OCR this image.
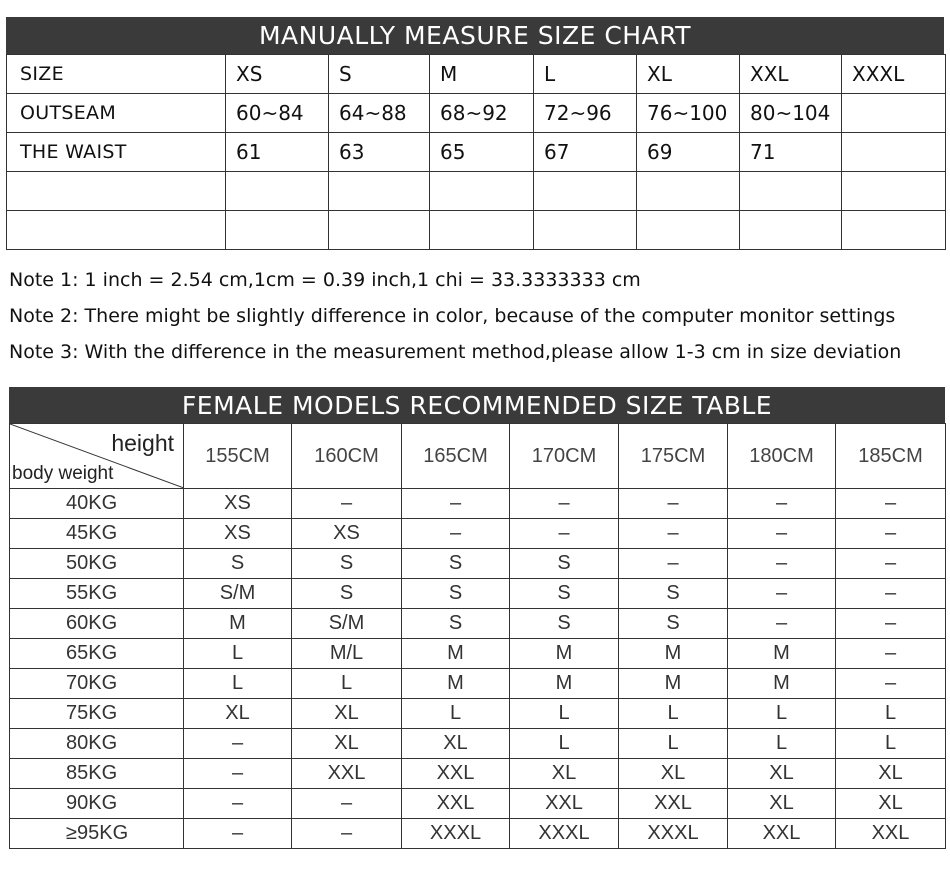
MANUALLY MEASURE SIZE CHART
SIZE	XS	S	M	L	XL	XXL	XXXL
OUTSEAM	60~84	64~88	68~92	72~96	76~100	80~104	
THE WAIST	61	63	65	67	69	71	

Note 1: 1 inch = 2.54 cm,1cm = 0.39 inch,1 chi = 33.3333333 cm
Note 2: There might be slightly difference in color, because of the computer monitor settings
Note 3: With the difference in the measurement method,please allow 1-3 cm in size deviation
FEMALE MODELS RECOMMENDED SIZE TABLE
height
body weight	155CM	160CM	165CM	170CM	175CM	180CM	185CM
40KG	XS	–	–	–	–	–	–
45KG	XS	XS	–	–	–	–	–
50KG	S	S	S	S	–	–	–
55KG	S/M	S	S	S	S	–	–
60KG	M	S/M	S	S	S	–	–
65KG	L	M/L	M	M	M	M	–
70KG	L	L	M	M	M	M	–
75KG	XL	XL	L	L	L	L	L
80KG	–	XL	XL	L	L	L	L
85KG	–	XXL	XXL	XL	XL	XL	XL
90KG	–	–	XXL	XXL	XXL	XL	XL
≥95KG	–	–	XXXL	XXXL	XXXL	XXL	XXL
